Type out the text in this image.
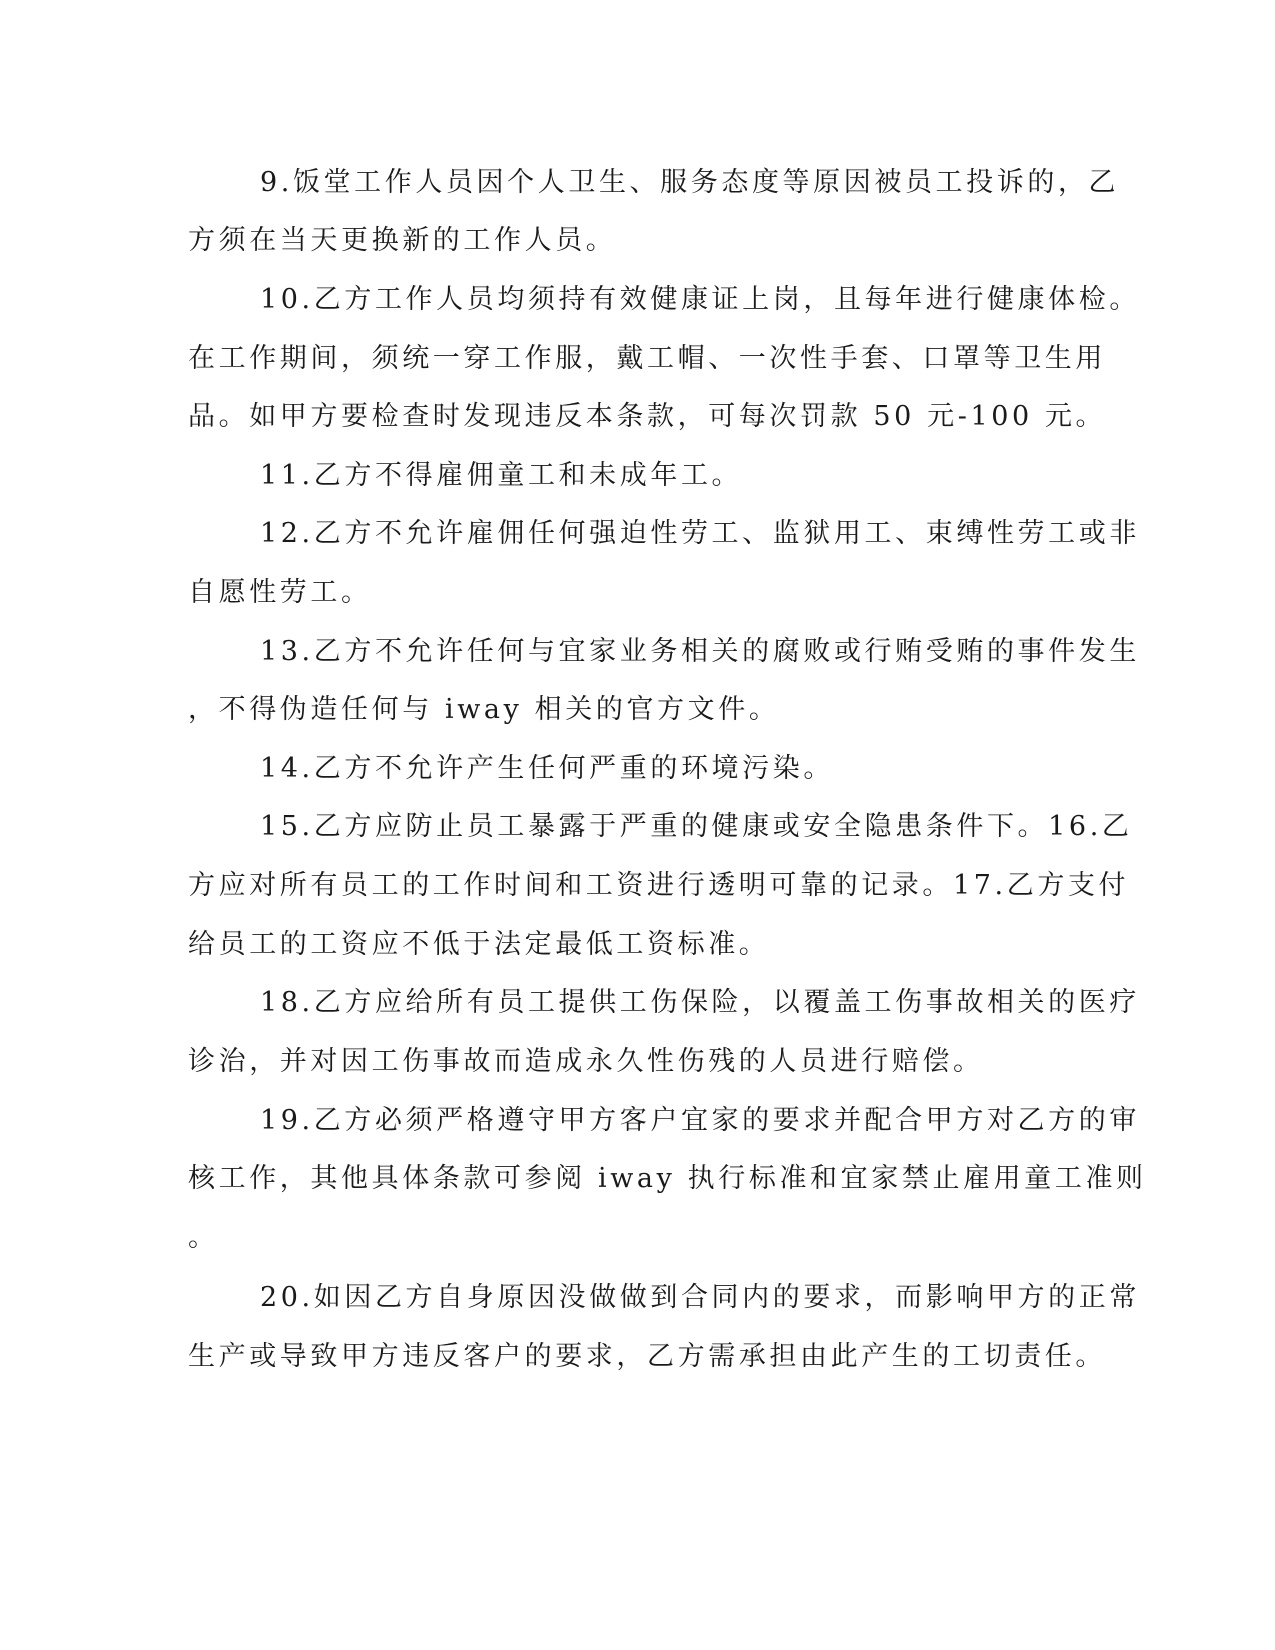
9.饭堂工作人员因个人卫生、服务态度等原因被员工投诉的，乙
方须在当天更换新的工作人员。
10.乙方工作人员均须持有效健康证上岗，且每年进行健康体检。
在工作期间，须统一穿工作服，戴工帽、一次性手套、口罩等卫生用
品。如甲方要检查时发现违反本条款，可每次罚款 50 元-100 元。
11.乙方不得雇佣童工和未成年工。
12.乙方不允许雇佣任何强迫性劳工、监狱用工、束缚性劳工或非
自愿性劳工。
13.乙方不允许任何与宜家业务相关的腐败或行贿受贿的事件发生
，不得伪造任何与 iway 相关的官方文件。
14.乙方不允许产生任何严重的环境污染。
15.乙方应防止员工暴露于严重的健康或安全隐患条件下。16.乙
方应对所有员工的工作时间和工资进行透明可靠的记录。17.乙方支付
给员工的工资应不低于法定最低工资标准。
18.乙方应给所有员工提供工伤保险，以覆盖工伤事故相关的医疗
诊治，并对因工伤事故而造成永久性伤残的人员进行赔偿。
19.乙方必须严格遵守甲方客户宜家的要求并配合甲方对乙方的审
核工作，其他具体条款可参阅 iway 执行标准和宜家禁止雇用童工准则
。
20.如因乙方自身原因没做做到合同内的要求，而影响甲方的正常
生产或导致甲方违反客户的要求，乙方需承担由此产生的工切责任。
